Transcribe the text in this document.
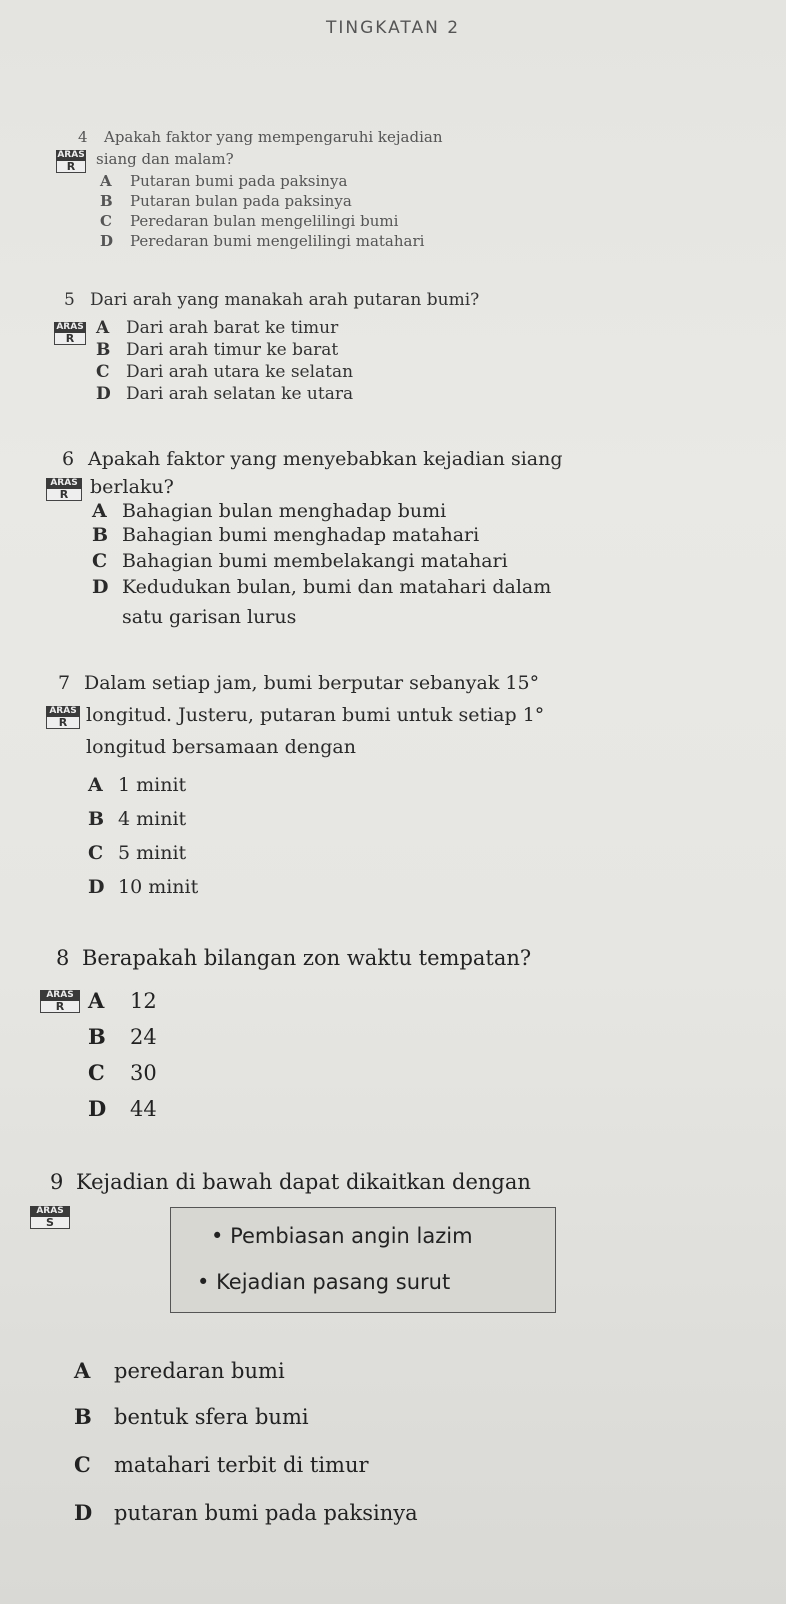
TINGKATAN 2
4 Apakah faktor yang mempengaruhi kejadian
ARAS
R	siang dan malam?
A Putaran bumi pada paksinya
B Putaran bulan pada paksinya
C Peredaran bulan mengelilingi bumi
D Peredaran bumi mengelilingi matahari
5 Dari arah yang manakah arah putaran bumi?
ARAS
R
A Dari arah barat ke timur
B Dari arah timur ke barat
C Dari arah utara ke selatan
D Dari arah selatan ke utara
6 Apakah faktor yang menyebabkan kejadian siang
ARAS
R	berlaku?
A Bahagian bulan menghadap bumi
B Bahagian bumi menghadap matahari
C Bahagian bumi membelakangi matahari
D Kedudukan bulan, bumi dan matahari dalam
satu garisan lurus
7 Dalam setiap jam, bumi berputar sebanyak 15°
ARAS
R longitud. Justeru, putaran bumi untuk setiap 1°
longitud bersamaan dengan
A 1 minit
B 4 minit
C 5 minit
D 10 minit
8 Berapakah bilangan zon waktu tempatan?
ARAS
R	A 12
B 24
C 30
D 44
9 Kejadian di bawah dapat dikaitkan dengan
ARAS
S
• Pembiasan angin lazim
• Kejadian pasang surut
A peredaran bumi
B bentuk sfera bumi
C matahari terbit di timur
D putaran bumi pada paksinya
